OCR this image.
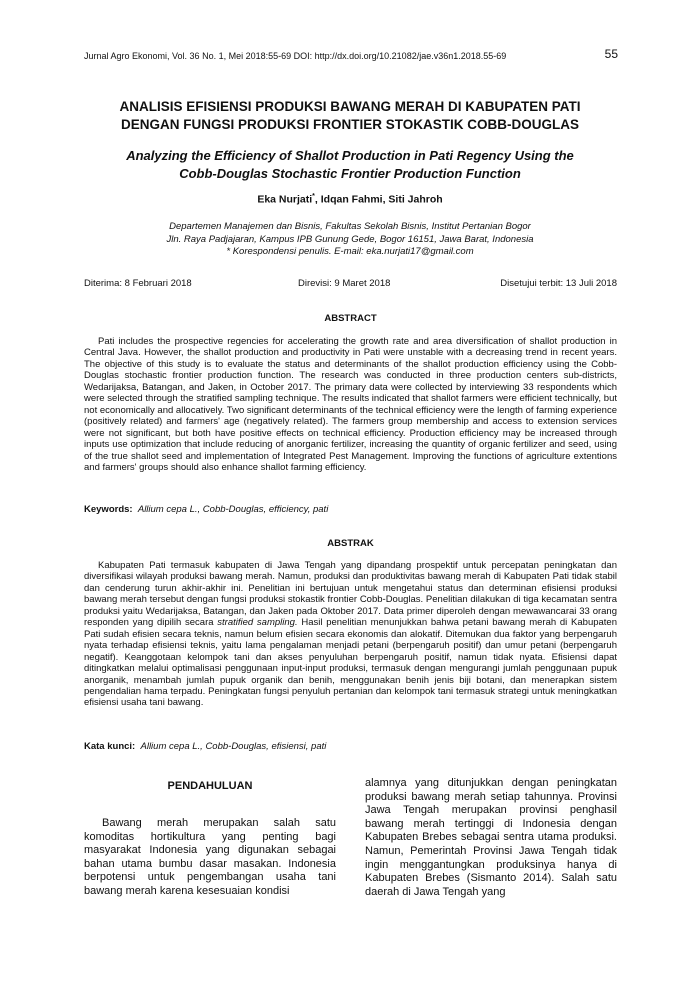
Jurnal Agro Ekonomi, Vol. 36 No. 1, Mei 2018:55-69 DOI: http://dx.doi.org/10.21082/jae.v36n1.2018.55-69	55
ANALISIS EFISIENSI PRODUKSI BAWANG MERAH DI KABUPATEN PATI
DENGAN FUNGSI PRODUKSI FRONTIER STOKASTIK COBB-DOUGLAS
Analyzing the Efficiency of Shallot Production in Pati Regency Using the
Cobb-Douglas Stochastic Frontier Production Function
Eka Nurjati*, Idqan Fahmi, Siti Jahroh
Departemen Manajemen dan Bisnis, Fakultas Sekolah Bisnis, Institut Pertanian Bogor
Jln. Raya Padjajaran, Kampus IPB Gunung Gede, Bogor 16151, Jawa Barat, Indonesia
* Korespondensi penulis. E-mail: eka.nurjati17@gmail.com
Diterima: 8 Februari 2018	Direvisi: 9 Maret 2018	Disetujui terbit: 13 Juli 2018
ABSTRACT
Pati includes the prospective regencies for accelerating the growth rate and area diversification of shallot production in Central Java. However, the shallot production and productivity in Pati were unstable with a decreasing trend in recent years. The objective of this study is to evaluate the status and determinants of the shallot production efficiency using the Cobb-Douglas stochastic frontier production function. The research was conducted in three production centers sub-districts, Wedarijaksa, Batangan, and Jaken, in October 2017. The primary data were collected by interviewing 33 respondents which were selected through the stratified sampling technique. The results indicated that shallot farmers were efficient technically, but not economically and allocatively. Two significant determinants of the technical efficiency were the length of farming experience (positively related) and farmers' age (negatively related). The farmers group membership and access to extension services were not significant, but both have positive effects on technical efficiency. Production efficiency may be increased through inputs use optimization that include reducing of anorganic fertilizer, increasing the quantity of organic fertilizer and seed, using of the true shallot seed and implementation of Integrated Pest Management. Improving the functions of agriculture extentions and farmers' groups should also enhance shallot farming efficiency.
Keywords: Allium cepa L., Cobb-Douglas, efficiency, pati
ABSTRAK
Kabupaten Pati termasuk kabupaten di Jawa Tengah yang dipandang prospektif untuk percepatan peningkatan dan diversifikasi wilayah produksi bawang merah. Namun, produksi dan produktivitas bawang merah di Kabupaten Pati tidak stabil dan cenderung turun akhir-akhir ini. Penelitian ini bertujuan untuk mengetahui status dan determinan efisiensi produksi bawang merah tersebut dengan fungsi produksi stokastik frontier Cobb-Douglas. Penelitian dilakukan di tiga kecamatan sentra produksi yaitu Wedarijaksa, Batangan, dan Jaken pada Oktober 2017. Data primer diperoleh dengan mewawancarai 33 orang responden yang dipilih secara stratified sampling. Hasil penelitian menunjukkan bahwa petani bawang merah di Kabupaten Pati sudah efisien secara teknis, namun belum efisien secara ekonomis dan alokatif. Ditemukan dua faktor yang berpengaruh nyata terhadap efisiensi teknis, yaitu lama pengalaman menjadi petani (berpengaruh positif) dan umur petani (berpengaruh negatif). Keanggotaan kelompok tani dan akses penyuluhan berpengaruh positif, namun tidak nyata. Efisiensi dapat ditingkatkan melalui optimalisasi penggunaan input-input produksi, termasuk dengan mengurangi jumlah penggunaan pupuk anorganik, menambah jumlah pupuk organik dan benih, menggunakan benih jenis biji botani, dan menerapkan sistem pengendalian hama terpadu. Peningkatan fungsi penyuluh pertanian dan kelompok tani termasuk strategi untuk meningkatkan efisiensi usaha tani bawang.
Kata kunci: Allium cepa L., Cobb-Douglas, efisiensi, pati
PENDAHULUAN

Bawang merah merupakan salah satu komoditas hortikultura yang penting bagi masyarakat Indonesia yang digunakan sebagai bahan utama bumbu dasar masakan. Indonesia berpotensi untuk pengembangan usaha tani bawang merah karena kesesuaian kondisi

alamnya yang ditunjukkan dengan peningkatan produksi bawang merah setiap tahunnya. Provinsi Jawa Tengah merupakan provinsi penghasil bawang merah tertinggi di Indonesia dengan Kabupaten Brebes sebagai sentra utama produksi. Namun, Pemerintah Provinsi Jawa Tengah tidak ingin menggantungkan produksinya hanya di Kabupaten Brebes (Sismanto 2014). Salah satu daerah di Jawa Tengah yang
